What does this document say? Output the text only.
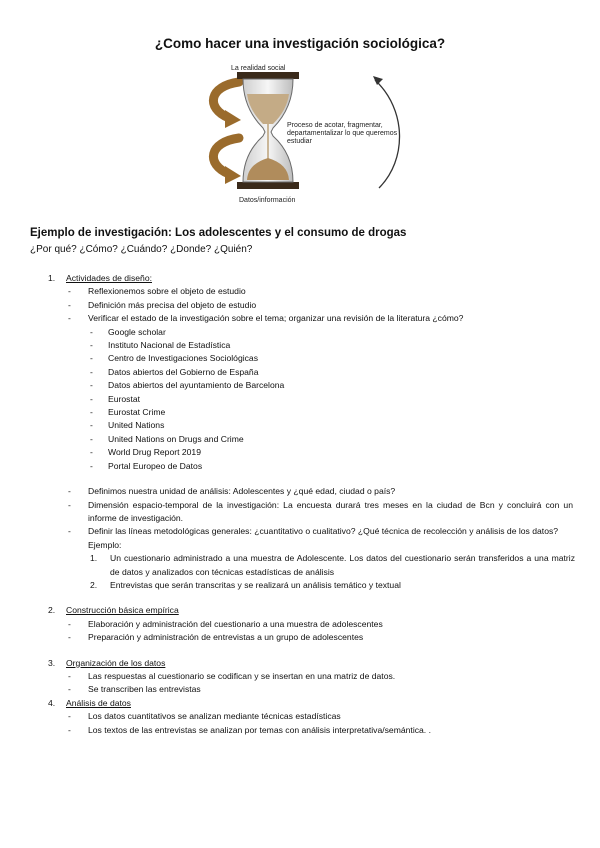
¿Como hacer una investigación sociológica?
La realidad social
Proceso de acotar, fragmentar, departamentalizar lo que queremos estudiar
Datos/información
Ejemplo de investigación: Los adolescentes y el consumo de drogas
¿Por qué? ¿Cómo? ¿Cuándo? ¿Donde? ¿Quién?
1. Actividades de diseño:
- Reflexionemos sobre el objeto de estudio
- Definición más precisa del objeto de estudio
- Verificar el estado de la investigación sobre el tema; organizar una revisión de la literatura ¿cómo?
- Google scholar
- Instituto Nacional de Estadística
- Centro de Investigaciones Sociológicas
- Datos abiertos del Gobierno de España
- Datos abiertos del ayuntamiento de Barcelona
- Eurostat
- Eurostat Crime
- United Nations
- United Nations on Drugs and Crime
- World Drug Report 2019
- Portal Europeo de Datos
- Definimos nuestra unidad de análisis: Adolescentes y ¿qué edad, ciudad o país?
- Dimensión espacio-temporal de la investigación: La encuesta durará tres meses en la ciudad de Bcn y concluirá con un informe de investigación.
- Definir las líneas metodológicas generales: ¿cuantitativo o cualitativo? ¿Qué técnica de recolección y análisis de los datos?
Ejemplo:
1. Un cuestionario administrado a una muestra de Adolescente. Los datos del cuestionario serán transferidos a una matriz de datos y analizados con técnicas estadísticas de análisis
2. Entrevistas que serán transcritas y se realizará un análisis temático y textual
2. Construcción básica empírica
- Elaboración y administración del cuestionario a una muestra de adolescentes
- Preparación y administración de entrevistas a un grupo de adolescentes
3. Organización de los datos
- Las respuestas al cuestionario se codifican y se insertan en una matriz de datos.
- Se transcriben las entrevistas
4. Análisis de datos
- Los datos cuantitativos se analizan mediante técnicas estadísticas
- Los textos de las entrevistas se analizan por temas con análisis interpretativa/semántica. .
